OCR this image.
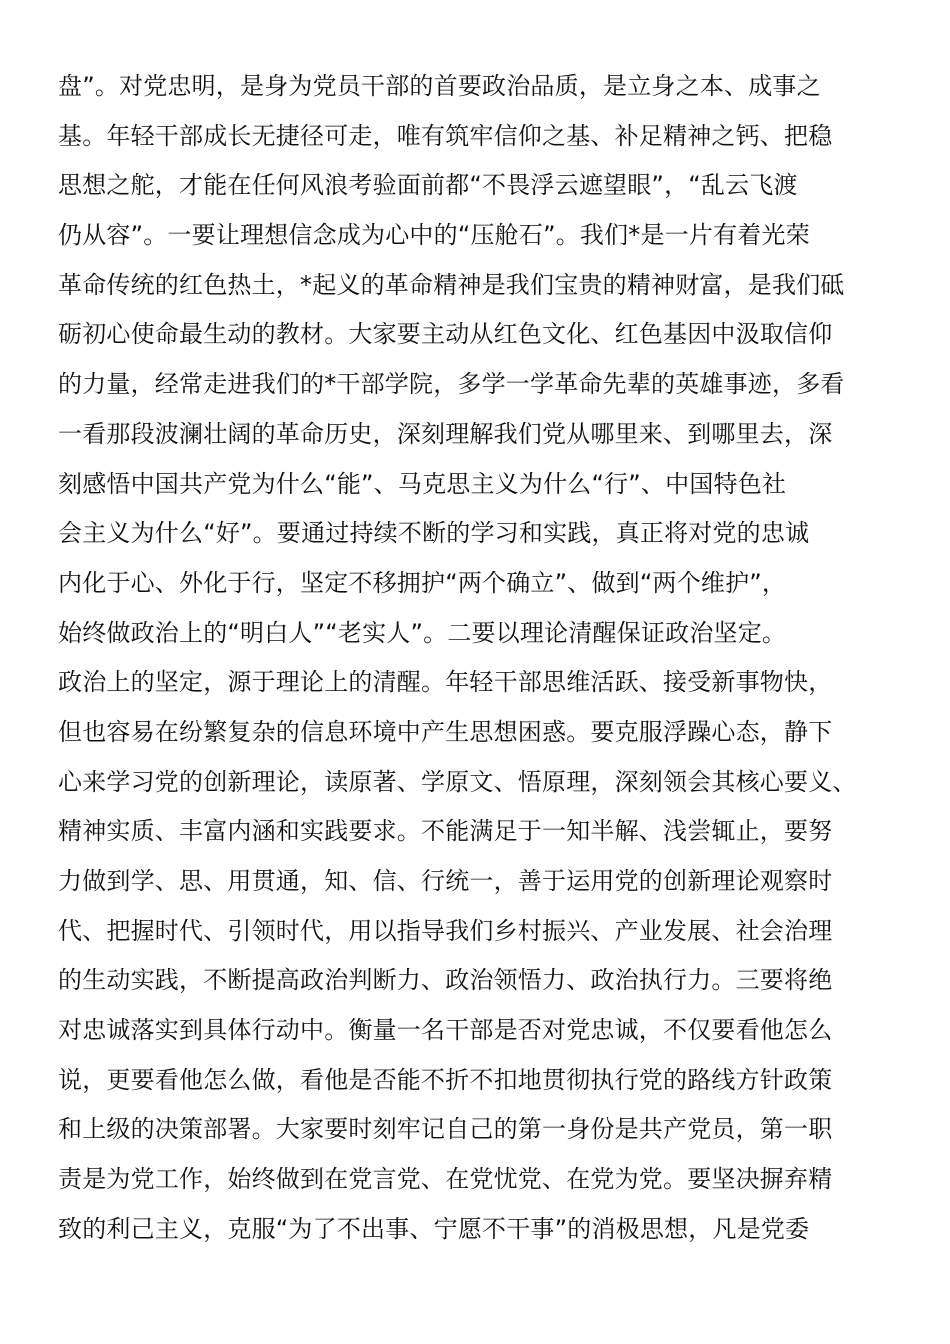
盘”。对党忠明，是身为党员干部的首要政治品质，是立身之本、成事之
基。年轻干部成长无捷径可走，唯有筑牢信仰之基、补足精神之钙、把稳
思想之舵，才能在任何风浪考验面前都“不畏浮云遮望眼”，“乱云飞渡
仍从容”。一要让理想信念成为心中的“压舱石”。我们*是一片有着光荣
革命传统的红色热土，*起义的革命精神是我们宝贵的精神财富，是我们砥
砺初心使命最生动的教材。大家要主动从红色文化、红色基因中汲取信仰
的力量，经常走进我们的*干部学院，多学一学革命先辈的英雄事迹，多看
一看那段波澜壮阔的革命历史，深刻理解我们党从哪里来、到哪里去，深
刻感悟中国共产党为什么“能”、马克思主义为什么“行”、中国特色社
会主义为什么“好”。要通过持续不断的学习和实践，真正将对党的忠诚
内化于心、外化于行，坚定不移拥护“两个确立”、做到“两个维护”，
始终做政治上的“明白人”“老实人”。二要以理论清醒保证政治坚定。
政治上的坚定，源于理论上的清醒。年轻干部思维活跃、接受新事物快，
但也容易在纷繁复杂的信息环境中产生思想困惑。要克服浮躁心态，静下
心来学习党的创新理论，读原著、学原文、悟原理，深刻领会其核心要义、
精神实质、丰富内涵和实践要求。不能满足于一知半解、浅尝辄止，要努
力做到学、思、用贯通，知、信、行统一，善于运用党的创新理论观察时
代、把握时代、引领时代，用以指导我们乡村振兴、产业发展、社会治理
的生动实践，不断提高政治判断力、政治领悟力、政治执行力。三要将绝
对忠诚落实到具体行动中。衡量一名干部是否对党忠诚，不仅要看他怎么
说，更要看他怎么做，看他是否能不折不扣地贯彻执行党的路线方针政策
和上级的决策部署。大家要时刻牢记自己的第一身份是共产党员，第一职
责是为党工作，始终做到在党言党、在党忧党、在党为党。要坚决摒弃精
致的利己主义，克服“为了不出事、宁愿不干事”的消极思想，凡是党委
